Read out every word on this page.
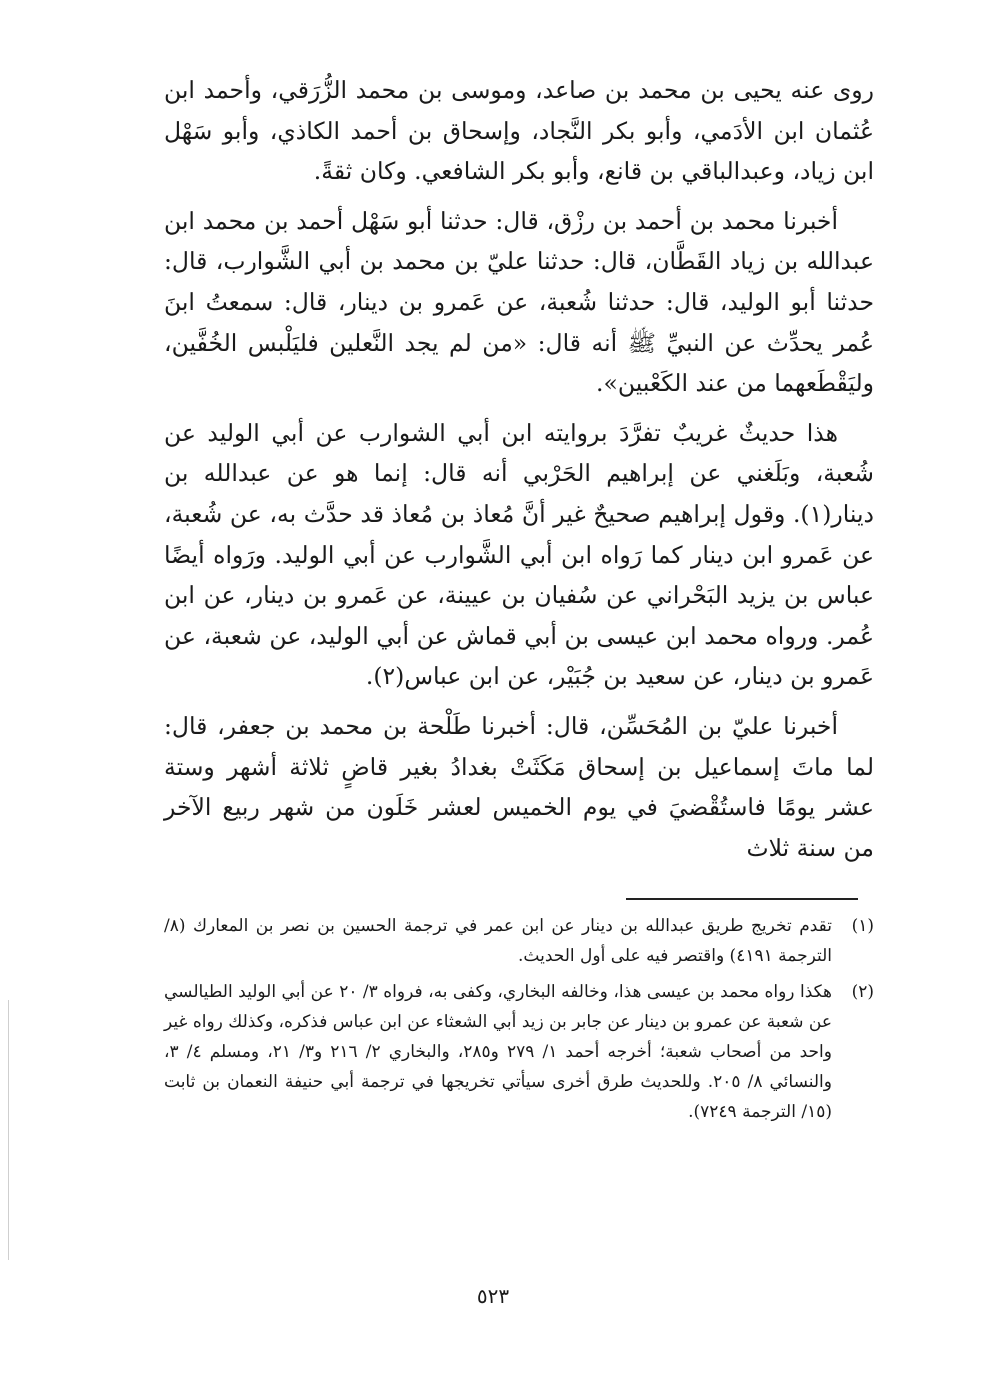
روى عنه يحيى بن محمد بن صاعد، وموسى بن محمد الزُّرَقي، وأحمد ابن عُثمان ابن الأدَمي، وأبو بكر النَّجاد، وإسحاق بن أحمد الكاذي، وأبو سَهْل ابن زياد، وعبدالباقي بن قانع، وأبو بكر الشافعي. وكان ثقةً.

أخبرنا محمد بن أحمد بن رزْق، قال: حدثنا أبو سَهْل أحمد بن محمد ابن عبدالله بن زياد القَطَّان، قال: حدثنا عليّ بن محمد بن أبي الشَّوارب، قال: حدثنا أبو الوليد، قال: حدثنا شُعبة، عن عَمرو بن دينار، قال: سمعتُ ابنَ عُمر يحدِّث عن النبيِّ ﷺ أنه قال: «من لم يجد النَّعلين فليَلْبس الخُفَّين، وليَقْطَعهما من عند الكَعْبين».

هذا حديثٌ غريبٌ تفرَّدَ بروايته ابن أبي الشوارب عن أبي الوليد عن شُعبة، وبَلَغني عن إبراهيم الحَرْبي أنه قال: إنما هو عن عبدالله بن دينار(١). وقول إبراهيم صحيحٌ غير أنَّ مُعاذ بن مُعاذ قد حدَّث به، عن شُعبة، عن عَمرو ابن دينار كما رَواه ابن أبي الشَّوارب عن أبي الوليد. ورَواه أيضًا عباس بن يزيد البَحْراني عن سُفيان بن عيينة، عن عَمرو بن دينار، عن ابن عُمر. ورواه محمد ابن عيسى بن أبي قماش عن أبي الوليد، عن شعبة، عن عَمرو بن دينار، عن سعيد بن جُبَيْر، عن ابن عباس(٢).

أخبرنا عليّ بن المُحَسِّن، قال: أخبرنا طَلْحة بن محمد بن جعفر، قال: لما ماتَ إسماعيل بن إسحاق مَكَثَتْ بغدادُ بغير قاضٍ ثلاثة أشهر وستة عشر يومًا فاستُقْضيَ في يوم الخميس لعشر خَلَون من شهر ربيع الآخر من سنة ثلاث

(١)
تقدم تخريج طريق عبدالله بن دينار عن ابن عمر في ترجمة الحسين بن نصر بن المعارك (٨/ الترجمة ٤١٩١) واقتصر فيه على أول الحديث.
(٢)
هكذا رواه محمد بن عيسى هذا، وخالفه البخاري، وكفى به، فرواه ٣/ ٢٠ عن أبي الوليد الطيالسي عن شعبة عن عمرو بن دينار عن جابر بن زيد أبي الشعثاء عن ابن عباس فذكره، وكذلك رواه غير واحد من أصحاب شعبة؛ أخرجه أحمد ١/ ٢٧٩ و٢٨٥، والبخاري ٢/ ٢١٦ و٣/ ٢١، ومسلم ٤/ ٣، والنسائي ٨/ ٢٠٥. وللحديث طرق أخرى سيأتي تخريجها في ترجمة أبي حنيفة النعمان بن ثابت (١٥/ الترجمة ٧٢٤٩).
٥٢٣
